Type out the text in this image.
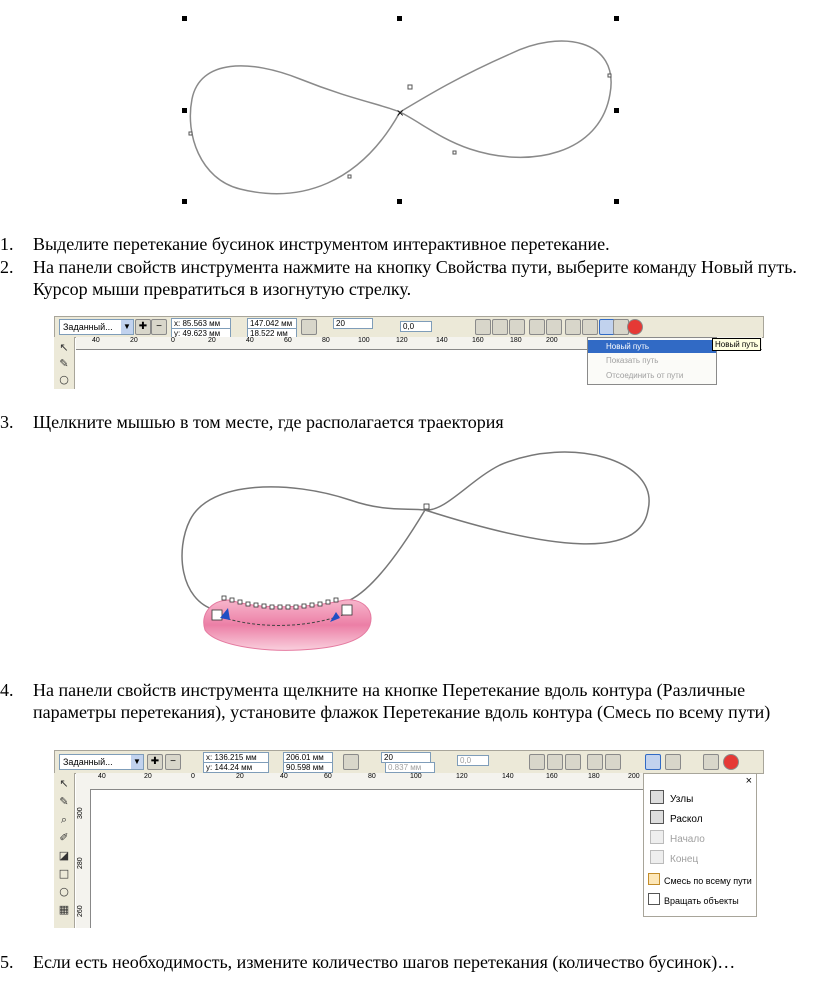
×
1.	Выделите перетекание бусинок инструментом интерактивное перетекание.
2.	На панели свойств инструмента нажмите на кнопку Свойства пути, выберите команду Новый путь. Курсор мыши превратиться в изогнутую стрелку.
Заданный... ▼ ✚ −	x: 85.563 мм
y: 49.623 мм
147.042 мм
18.522 мм
20	0,0
40	20	0	20	40	60	80	100	120	140	160	180	200
↖
✎
○
Новый путь
Показать путь
Отсоединить от пути
Новый путь
3.	Щелкните мышью в том месте, где располагается траектория
4.	На панели свойств инструмента щелкните на кнопке Перетекание вдоль контура (Различные параметры перетекания), установите флажок Перетекание вдоль контура (Смесь по всему пути)
Заданный...	▼ ✚	−	x: 136.215 мм
y: 144.24 мм
206.01 мм
90.598 мм
20
0.837 мм
0,0
40	20	0	20	40	60	80	100	120	140	160	180	200
↖
✎
⌕
✐
◪
□
○
▦
300
280
260
×
Узлы
Раскол
Начало
Конец
Смесь по всему пути
Вращать объекты
5.	Если есть необходимость, измените количество шагов перетекания (количество бусинок)…
